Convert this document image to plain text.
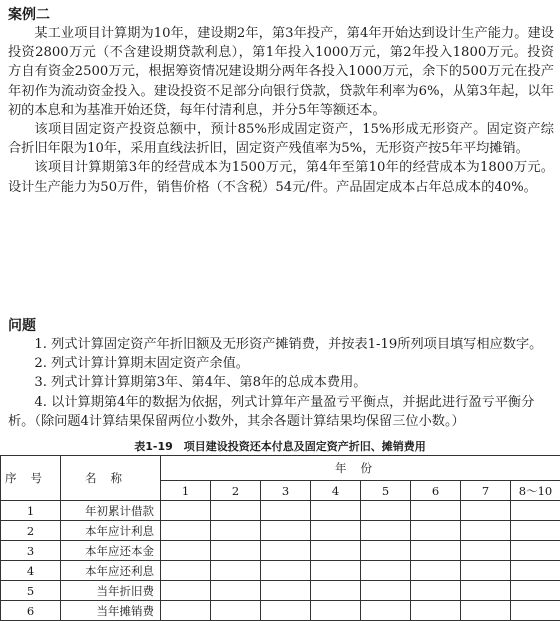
案例二

某工业项目计算期为10年，建设期2年，第3年投产，第4年开始达到设计生产能力。建设投资2800万元（不含建设期贷款利息），第1年投入1000万元，第2年投入1800万元。投资方自有资金2500万元，根据筹资情况建设期分两年各投入1000万元，余下的500万元在投产年初作为流动资金投入。建设投资不足部分向银行贷款，贷款年利率为6%，从第3年起，以年初的本息和为基准开始还贷，每年付清利息，并分5年等额还本。

该项目固定资产投资总额中，预计85%形成固定资产，15%形成无形资产。固定资产综合折旧年限为10年，采用直线法折旧，固定资产残值率为5%，无形资产按5年平均摊销。

该项目计算期第3年的经营成本为1500万元，第4年至第10年的经营成本为1800万元。设计生产能力为50万件，销售价格（不含税）54元/件。产品固定成本占年总成本的40%。

问题

1. 列式计算固定资产年折旧额及无形资产摊销费，并按表1-19所列项目填写相应数字。

2. 列式计算计算期末固定资产余值。

3. 列式计算计算期第3年、第4年、第8年的总成本费用。

4. 以计算期第4年的数据为依据，列式计算年产量盈亏平衡点，并据此进行盈亏平衡分析。（除问题4计算结果保留两位小数外，其余各题计算结果均保留三位小数。）

表1-19　项目建设投资还本付息及固定资产折旧、摊销费用
序号	名称	年份							
		1	2	3	4	5	6	7	8～10
1	年初累计借款								
2	本年应计利息								
3	本年应还本金								
4	本年应还利息								
5	当年折旧费								
6	当年摊销费								
